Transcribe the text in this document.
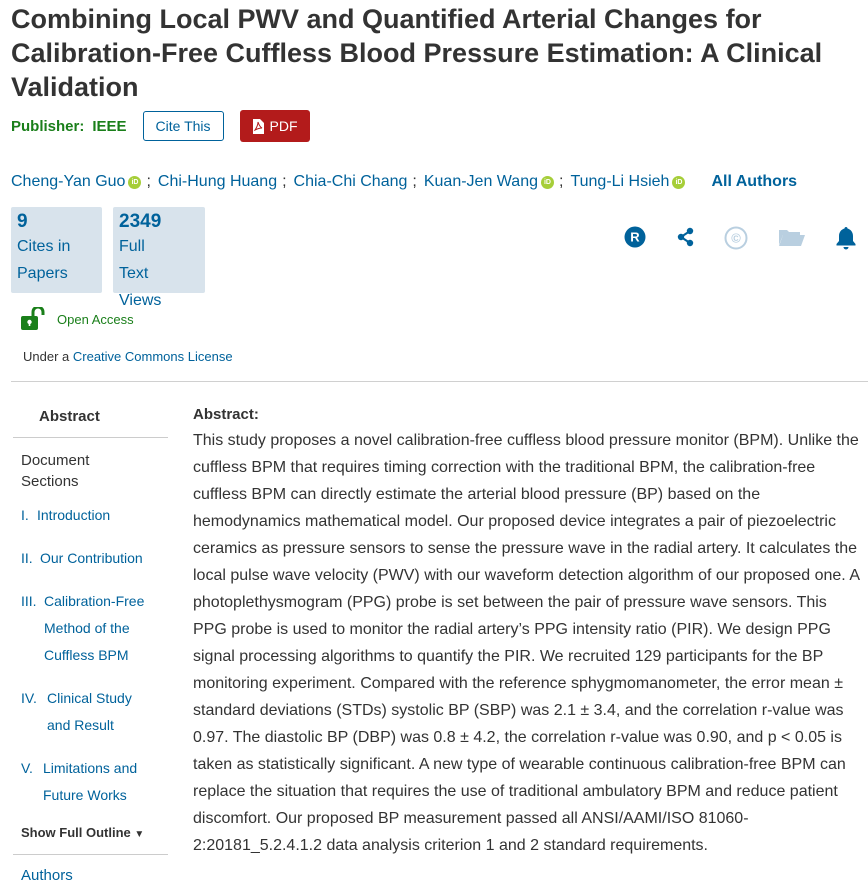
Combining Local PWV and Quantified Arterial Changes for Calibration-Free Cuffless Blood Pressure Estimation: A Clinical Validation
Publisher: IEEE	Cite This	PDF
Cheng-Yan Guo iD ; Chi-Hung Huang ; Chia-Chi Chang ; Kuan-Jen Wang iD ; Tung-Li Hsieh iD All Authors
9
Cites in
Papers
2349
Full
Text
Views
R	©
Open Access
Under a Creative Commons License
Abstract
Document
Sections
I. Introduction
II. Our Contribution
III. Calibration-Free Method of the Cuffless BPM
IV. Clinical Study and Result
V. Limitations and Future Works
Show Full Outline ▼
Authors
Abstract:

This study proposes a novel calibration-free cuffless blood pressure monitor (BPM). Unlike the cuffless BPM that requires timing correction with the traditional BPM, the calibration-free cuffless BPM can directly estimate the arterial blood pressure (BP) based on the hemodynamics mathematical model. Our proposed device integrates a pair of piezoelectric ceramics as pressure sensors to sense the pressure wave in the radial artery. It calculates the local pulse wave velocity (PWV) with our waveform detection algorithm of our proposed one. A photoplethysmogram (PPG) probe is set between the pair of pressure wave sensors. This PPG probe is used to monitor the radial artery’s PPG intensity ratio (PIR). We design PPG signal processing algorithms to quantify the PIR. We recruited 129 participants for the BP monitoring experiment. Compared with the reference sphygmomanometer, the error mean ± standard deviations (STDs) systolic BP (SBP) was 2.1 ± 3.4, and the correlation r-value was 0.97. The diastolic BP (DBP) was 0.8 ± 4.2, the correlation r-value was 0.90, and p < 0.05 is taken as statistically significant. A new type of wearable continuous calibration-free BPM can replace the situation that requires the use of traditional ambulatory BPM and reduce patient discomfort. Our proposed BP measurement passed all ANSI/AAMI/ISO 81060-2:20181_5.2.4.1.2 data analysis criterion 1 and 2 standard requirements.
